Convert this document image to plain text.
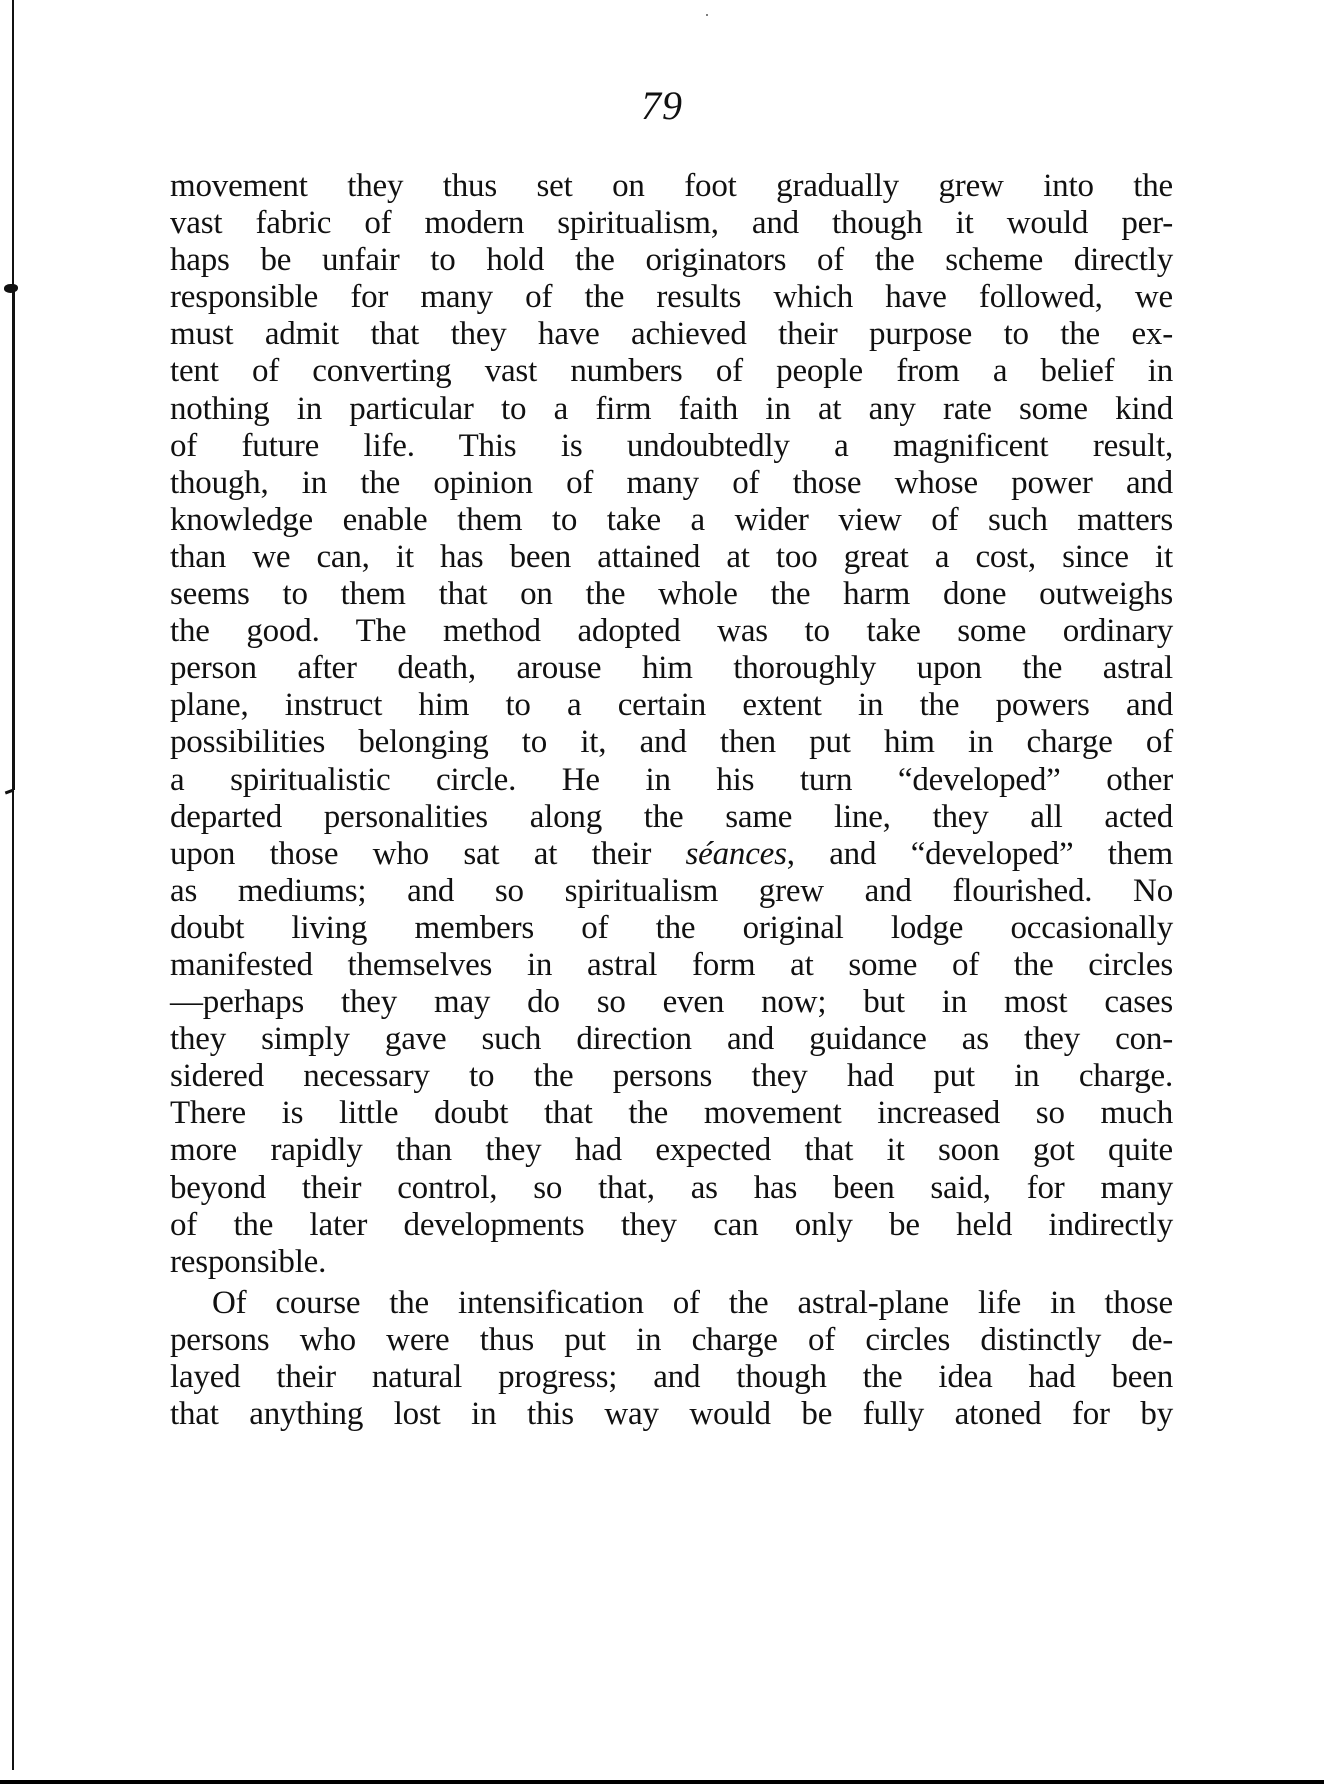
79
movement they thus set on foot gradually grew into the
vast fabric of modern spiritualism, and though it would per-
haps be unfair to hold the originators of the scheme directly
responsible for many of the results which have followed, we
must admit that they have achieved their purpose to the ex-
tent of converting vast numbers of people from a belief in
nothing in particular to a firm faith in at any rate some kind
of future life. This is undoubtedly a magnificent result,
though, in the opinion of many of those whose power and
knowledge enable them to take a wider view of such matters
than we can, it has been attained at too great a cost, since it
seems to them that on the whole the harm done outweighs
the good. The method adopted was to take some ordinary
person after death, arouse him thoroughly upon the astral
plane, instruct him to a certain extent in the powers and
possibilities belonging to it, and then put him in charge of
a spiritualistic circle. He in his turn “developed” other
departed personalities along the same line, they all acted
upon those who sat at their séances, and “developed” them
as mediums; and so spiritualism grew and flourished. No
doubt living members of the original lodge occasionally
manifested themselves in astral form at some of the circles
—perhaps they may do so even now; but in most cases
they simply gave such direction and guidance as they con-
sidered necessary to the persons they had put in charge.
There is little doubt that the movement increased so much
more rapidly than they had expected that it soon got quite
beyond their control, so that, as has been said, for many
of the later developments they can only be held indirectly
responsible.
Of course the intensification of the astral-plane life in those
persons who were thus put in charge of circles distinctly de-
layed their natural progress; and though the idea had been
that anything lost in this way would be fully atoned for by
